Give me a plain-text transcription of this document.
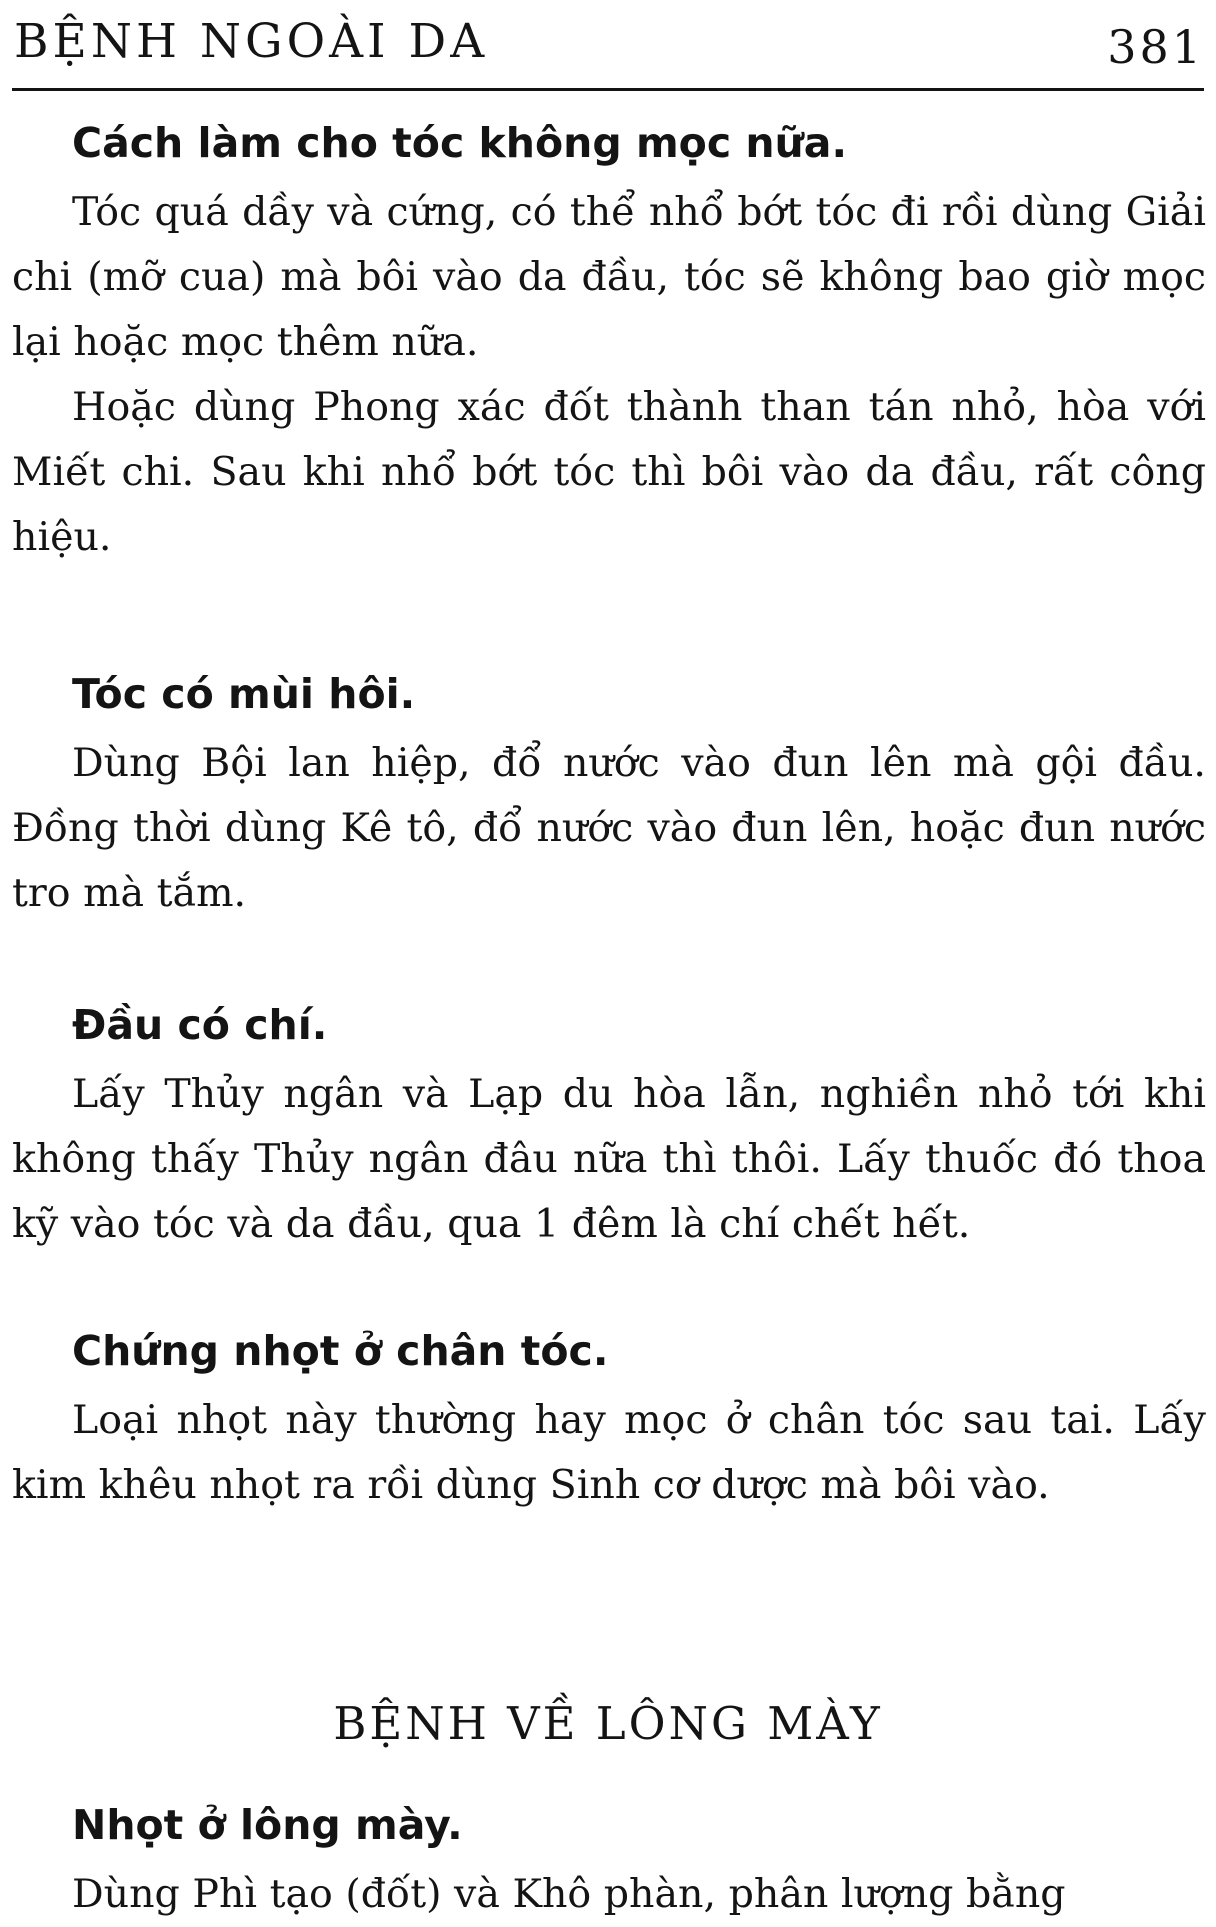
BỆNH NGOÀI DA	381
Cách làm cho tóc không mọc nữa.

Tóc quá dầy và cứng, có thể nhổ bớt tóc đi rồi dùng Giải chi (mỡ cua) mà bôi vào da đầu, tóc sẽ không bao giờ mọc lại hoặc mọc thêm nữa.

Hoặc dùng Phong xác đốt thành than tán nhỏ, hòa với Miết chi. Sau khi nhổ bớt tóc thì bôi vào da đầu, rất công hiệu.

Tóc có mùi hôi.

Dùng Bội lan hiệp, đổ nước vào đun lên mà gội đầu. Đồng thời dùng Kê tô, đổ nước vào đun lên, hoặc đun nước tro mà tắm.

Đầu có chí.

Lấy Thủy ngân và Lạp du hòa lẫn, nghiền nhỏ tới khi không thấy Thủy ngân đâu nữa thì thôi. Lấy thuốc đó thoa kỹ vào tóc và da đầu, qua 1 đêm là chí chết hết.

Chứng nhọt ở chân tóc.

Loại nhọt này thường hay mọc ở chân tóc sau tai. Lấy kim khêu nhọt ra rồi dùng Sinh cơ dược mà bôi vào.

BỆNH VỀ LÔNG MÀY
Nhọt ở lông mày.

Dùng Phì tạo (đốt) và Khô phàn, phân lượng bằng
